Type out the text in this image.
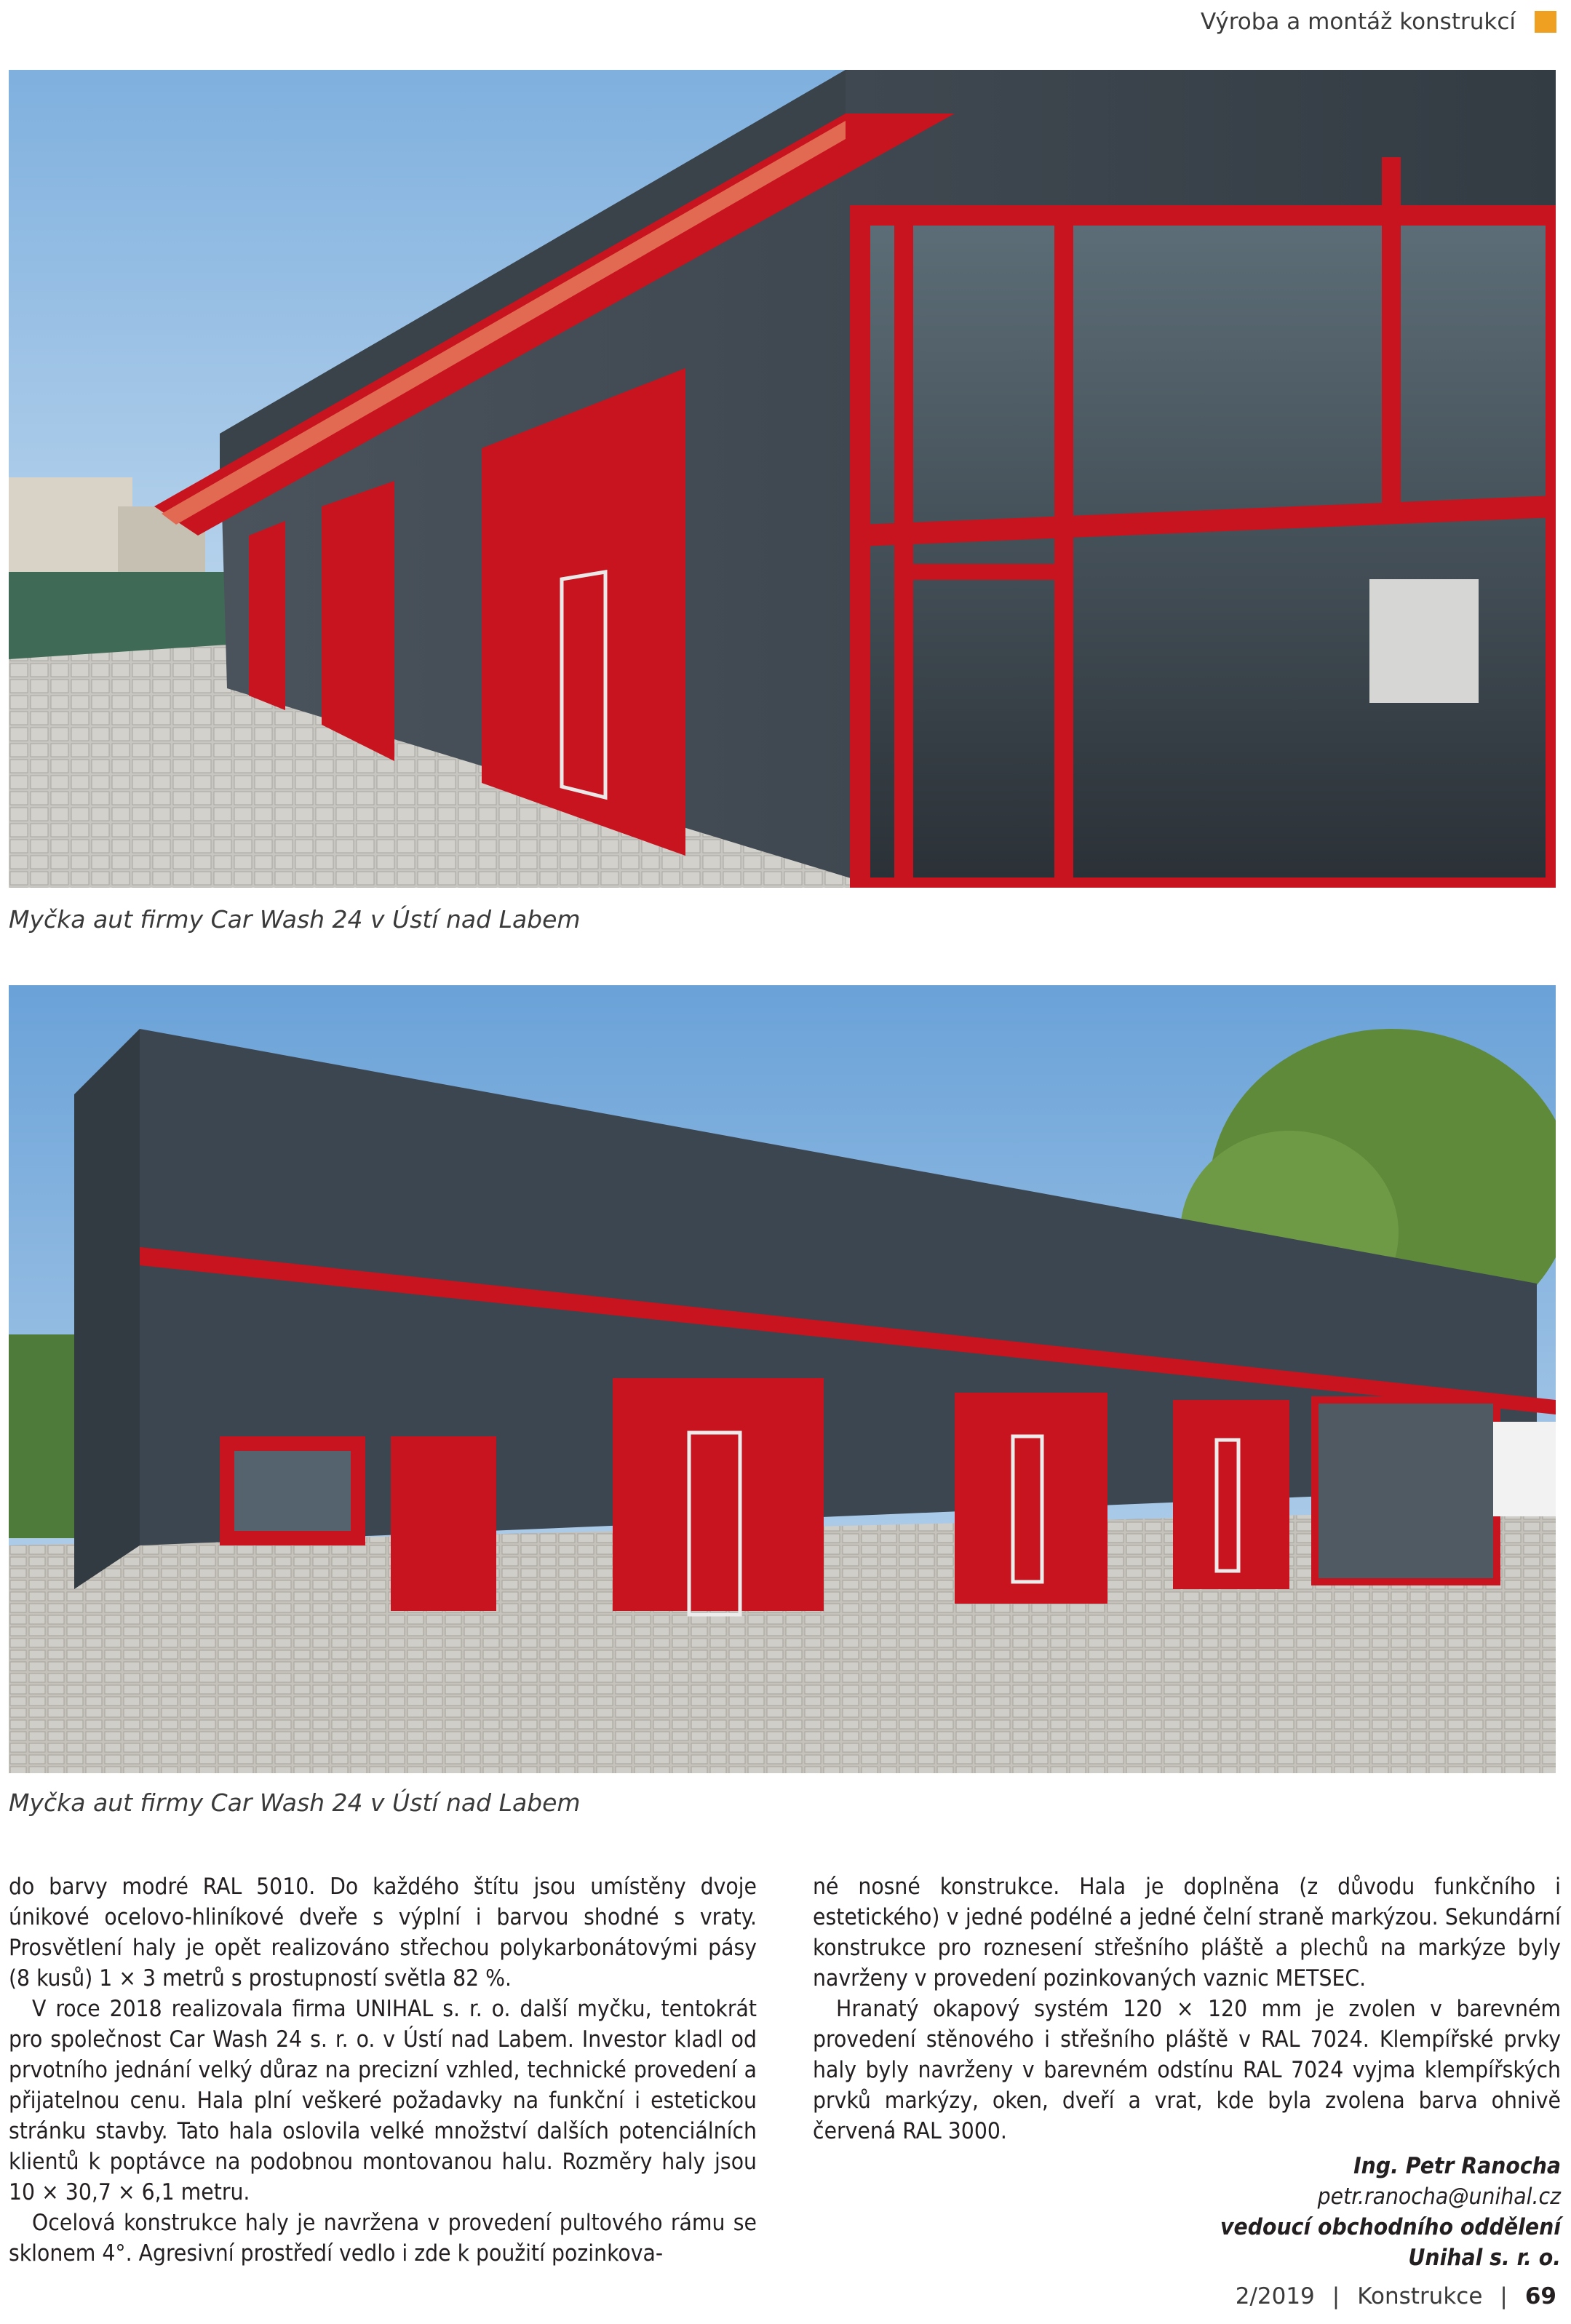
Výroba a montáž konstrukcí
Myčka aut firmy Car Wash 24 v Ústí nad Labem
Myčka aut firmy Car Wash 24 v Ústí nad Labem

do barvy modré RAL 5010. Do každého štítu jsou umístěny dvoje únikové ocelovo-hliníkové dveře s výplní i barvou shodné s vraty. Prosvětlení haly je opět realizováno střechou polykarbonátovými pásy (8 kusů) 1 × 3 metrů s prostupností světla 82 %.

V roce 2018 realizovala firma UNIHAL s. r. o. další myčku, tentokrát pro společnost Car Wash 24 s. r. o. v Ústí nad Labem. Investor kladl od prvotního jednání velký důraz na precizní vzhled, technické provedení a přijatelnou cenu. Hala plní veškeré požadavky na funkční i estetickou stránku stavby. Tato hala oslovila velké množství dalších potenciálních klientů k poptávce na podobnou montovanou halu. Rozměry haly jsou 10 × 30,7 × 6,1 metru.

Ocelová konstrukce haly je navržena v provedení pultového rámu se sklonem 4°. Agresivní prostředí vedlo i zde k použití pozinkova-

né nosné konstrukce. Hala je doplněna (z důvodu funkčního i estetického) v jedné podélné a jedné čelní straně markýzou. Sekundární konstrukce pro roznesení střešního pláště a plechů na markýze byly navrženy v provedení pozinkovaných vaznic METSEC.

Hranatý okapový systém 120 × 120 mm je zvolen v barevném provedení stěnového i střešního pláště v RAL 7024. Klempířské prvky haly byly navrženy v barevném odstínu RAL 7024 vyjma klempířských prvků markýzy, oken, dveří a vrat, kde byla zvolena barva ohnivě červená RAL 3000.

Ing. Petr Ranocha
petr.ranocha@unihal.cz
vedoucí obchodního oddělení
Unihal s. r. o.
2/2019 | Konstrukce | 69
